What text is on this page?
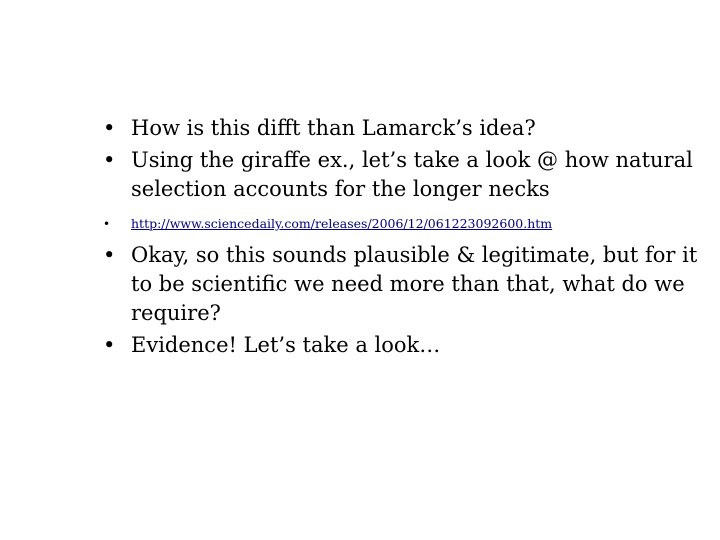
• How is this difft than Lamarck’s idea?
• Using the giraffe ex., let’s take a look @ how natural selection accounts for the longer necks
•	http://www.sciencedaily.com/releases/2006/12/061223092600.htm
• Okay, so this sounds plausible & legitimate, but for it to be scientific we need more than that, what do we require?
• Evidence! Let’s take a look…
